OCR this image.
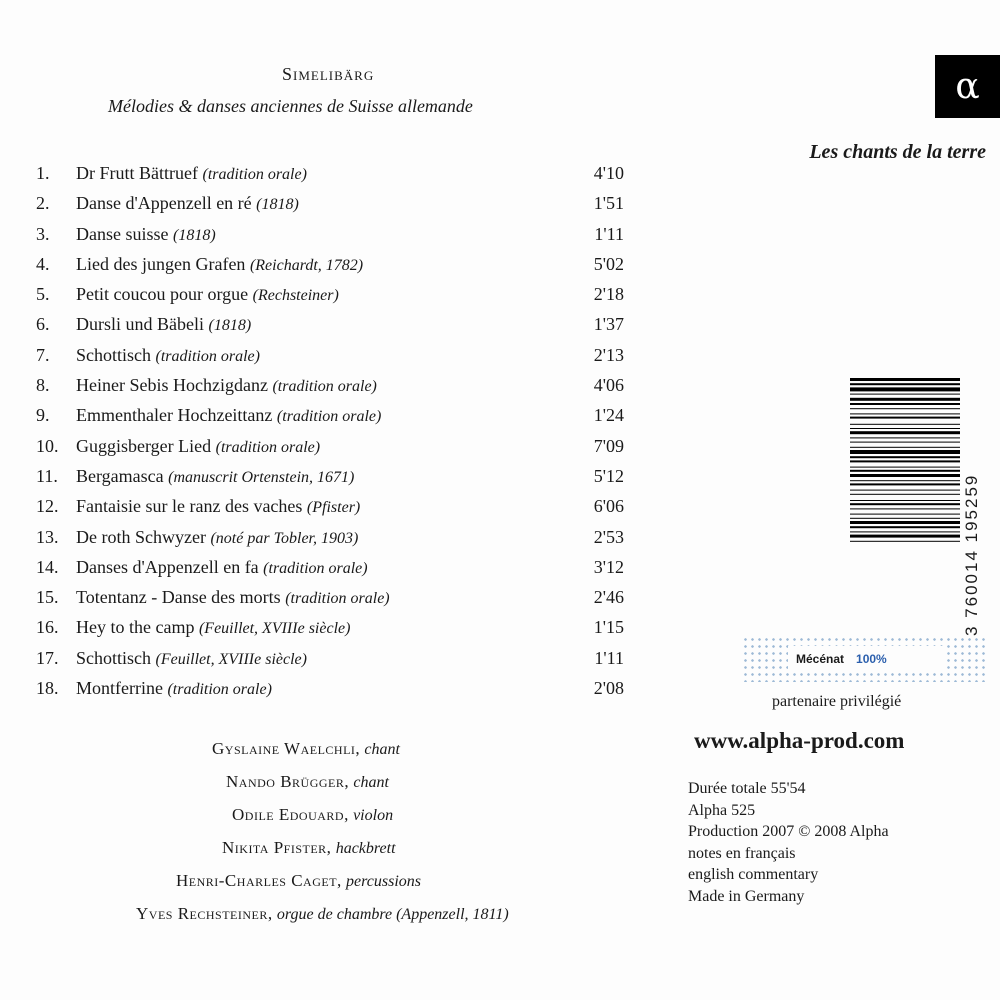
Simelibärg
Mélodies & danses anciennes de Suisse allemande
1. Dr Frutt Bättruef (tradition orale)	4'10
2. Danse d'Appenzell en ré (1818)	1'51
3. Danse suisse (1818)	1'11
4. Lied des jungen Grafen (Reichardt, 1782)	5'02
5. Petit coucou pour orgue (Rechsteiner)	2'18
6. Dursli und Bäbeli (1818)	1'37
7. Schottisch (tradition orale)	2'13
8. Heiner Sebis Hochzigdanz (tradition orale)	4'06
9. Emmenthaler Hochzeittanz (tradition orale)	1'24
10. Guggisberger Lied (tradition orale)	7'09
11. Bergamasca (manuscrit Ortenstein, 1671)	5'12
12. Fantaisie sur le ranz des vaches (Pfister)	6'06
13. De roth Schwyzer (noté par Tobler, 1903)	2'53
14. Danses d'Appenzell en fa (tradition orale)	3'12
15. Totentanz - Danse des morts (tradition orale)	2'46
16. Hey to the camp (Feuillet, XVIIIe siècle)	1'15
17. Schottisch (Feuillet, XVIIIe siècle)	1'11
18. Montferrine (tradition orale)	2'08
Gyslaine Waelchli, chant
Nando Brügger, chant
Odile Edouard, violon
Nikita Pfister, hackbrett
Henri-Charles Caget, percussions
Yves Rechsteiner, orgue de chambre (Appenzell, 1811)
α
Les chants de la terre
3 760014 195259
Mécénat 100%
partenaire privilégié
www.alpha-prod.com
Durée totale 55'54
Alpha 525
Production 2007 © 2008 Alpha
notes en français
english commentary
Made in Germany
